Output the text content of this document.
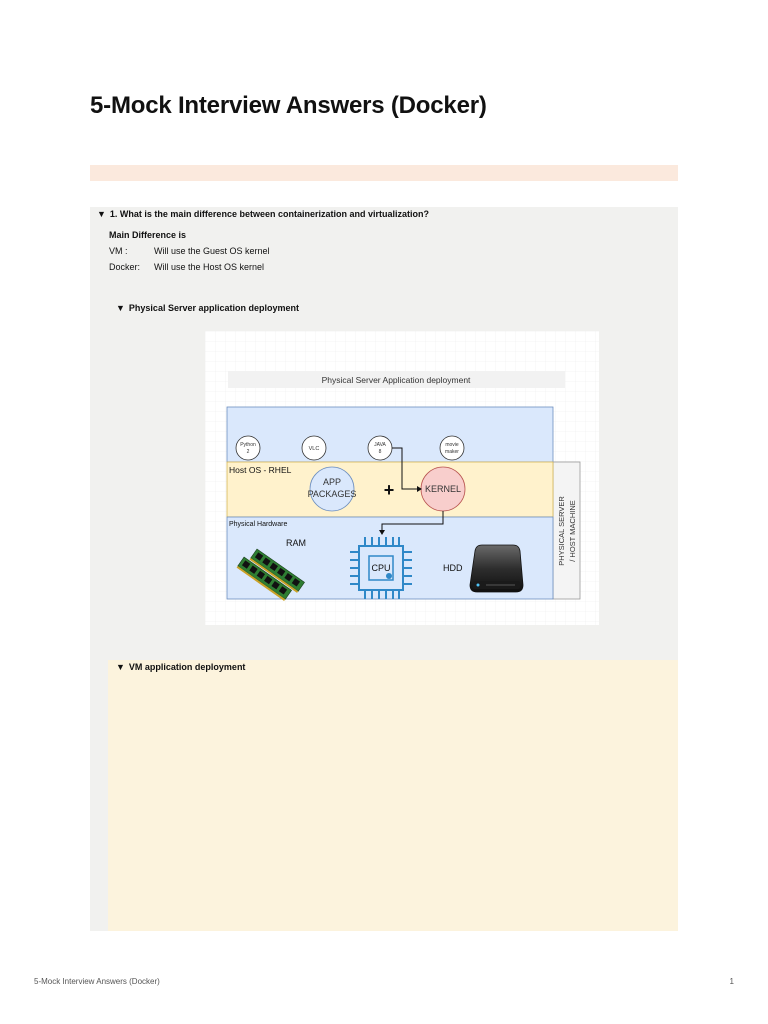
5-Mock Interview Answers (Docker)
▼ 1. What is the main difference between containerization and virtualization?
Main Difference is
VM :	Will use the Guest OS kernel
Docker: Will use the Host OS kernel
▼ Physical Server application deployment
Physical Server Application deployment
PHYSICAL SERVER / HOST MACHINE
Python
2	VLC
JAVA
8
movie
maker
Host OS - RHEL
APP
PACKAGES +	KERNEL
Physical Hardware
RAM
CPU	HDD
▼ VM application deployment
5-Mock Interview Answers (Docker)	1
